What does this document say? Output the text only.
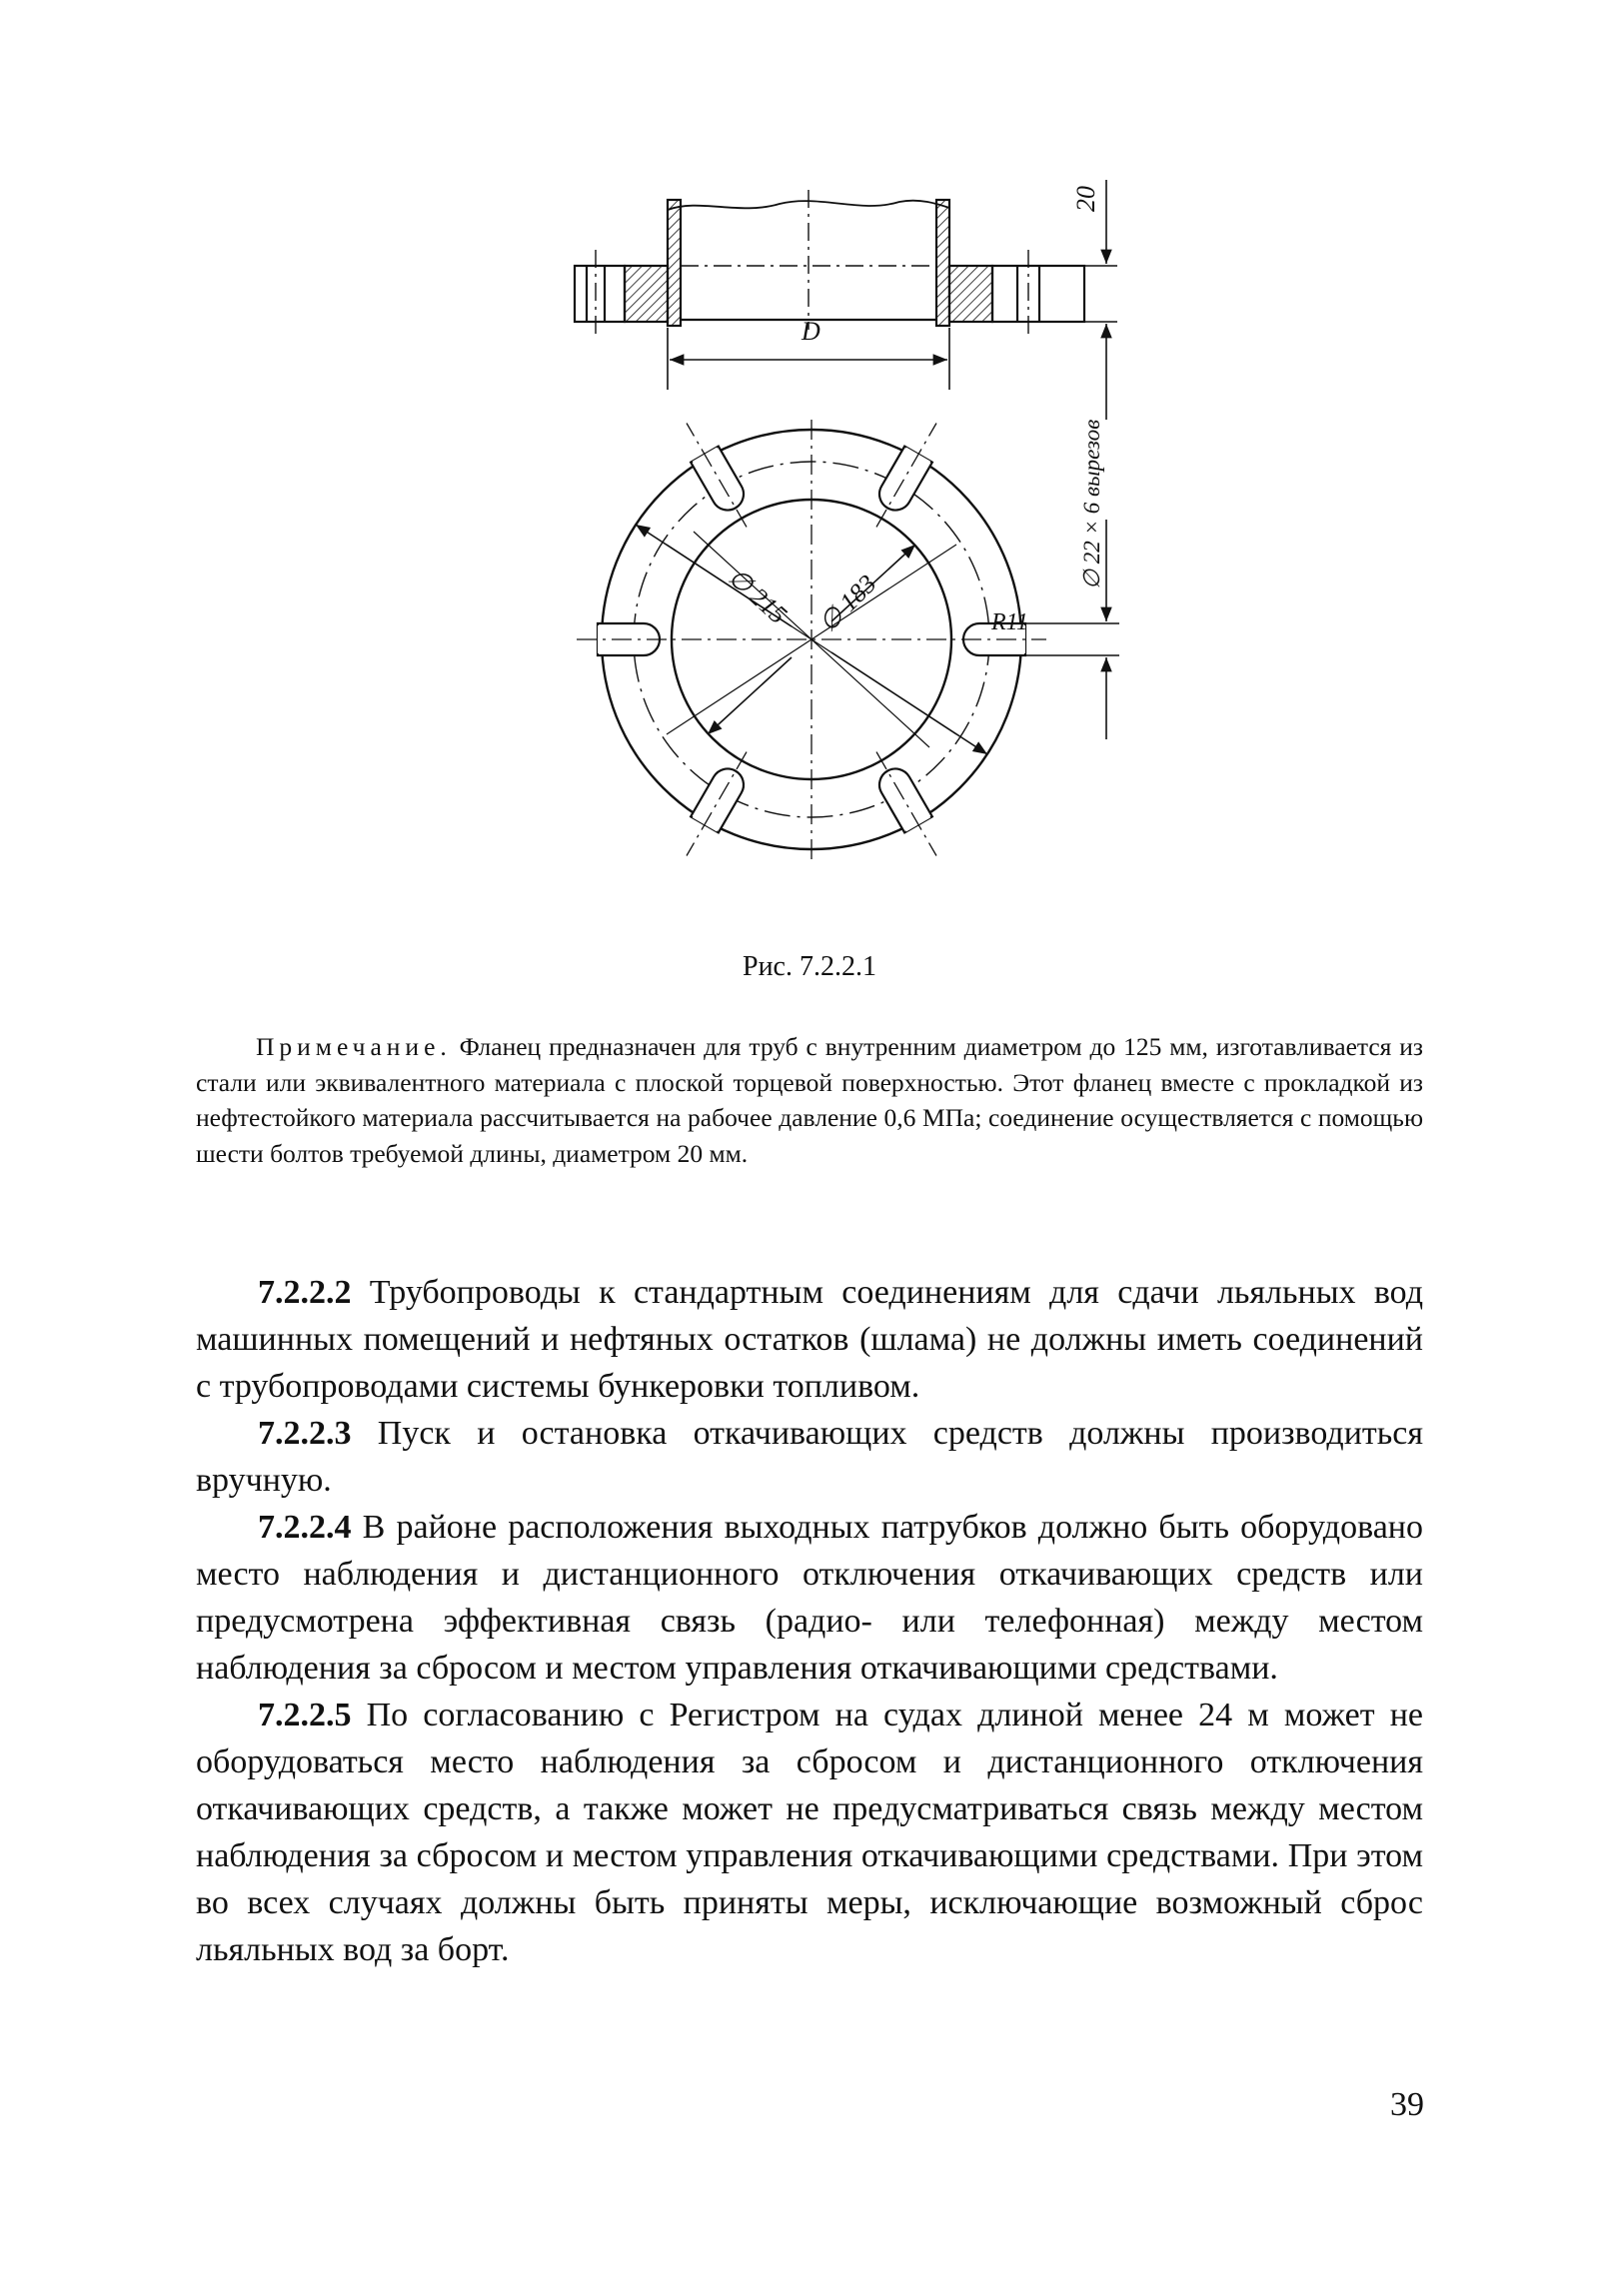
D
20
∅ 215 ∅ 183	R11
∅ 22 × 6 вырезов
Рис. 7.2.2.1
Примечание. Фланец предназначен для труб с внутренним диаметром до 125 мм, изготавливается из стали или эквивалентного материала с плоской торцевой поверхностью. Этот фланец вместе с прокладкой из нефтестойкого материала рассчитывается на рабочее давление 0,6 МПа; соединение осуществляется с помощью шести болтов требуемой длины, диаметром 20 мм.

7.2.2.2 Трубопроводы к стандартным соединениям для сдачи льяльных вод машинных помещений и нефтяных остатков (шлама) не должны иметь соединений с трубопроводами системы бункеровки топливом.

7.2.2.3 Пуск и остановка откачивающих средств должны производиться вручную.

7.2.2.4 В районе расположения выходных патрубков должно быть оборудовано место наблюдения и дистанционного отключения откачивающих средств или предусмотрена эффективная связь (радио- или телефонная) между местом наблюдения за сбросом и местом управления откачивающими средствами.

7.2.2.5 По согласованию с Регистром на судах длиной менее 24 м может не оборудоваться место наблюдения за сбросом и дистанционного отключения откачивающих средств, а также может не предусматриваться связь между местом наблюдения за сбросом и местом управления откачивающими средствами. При этом во всех случаях должны быть приняты меры, исключающие возможный сброс льяльных вод за борт.

39
